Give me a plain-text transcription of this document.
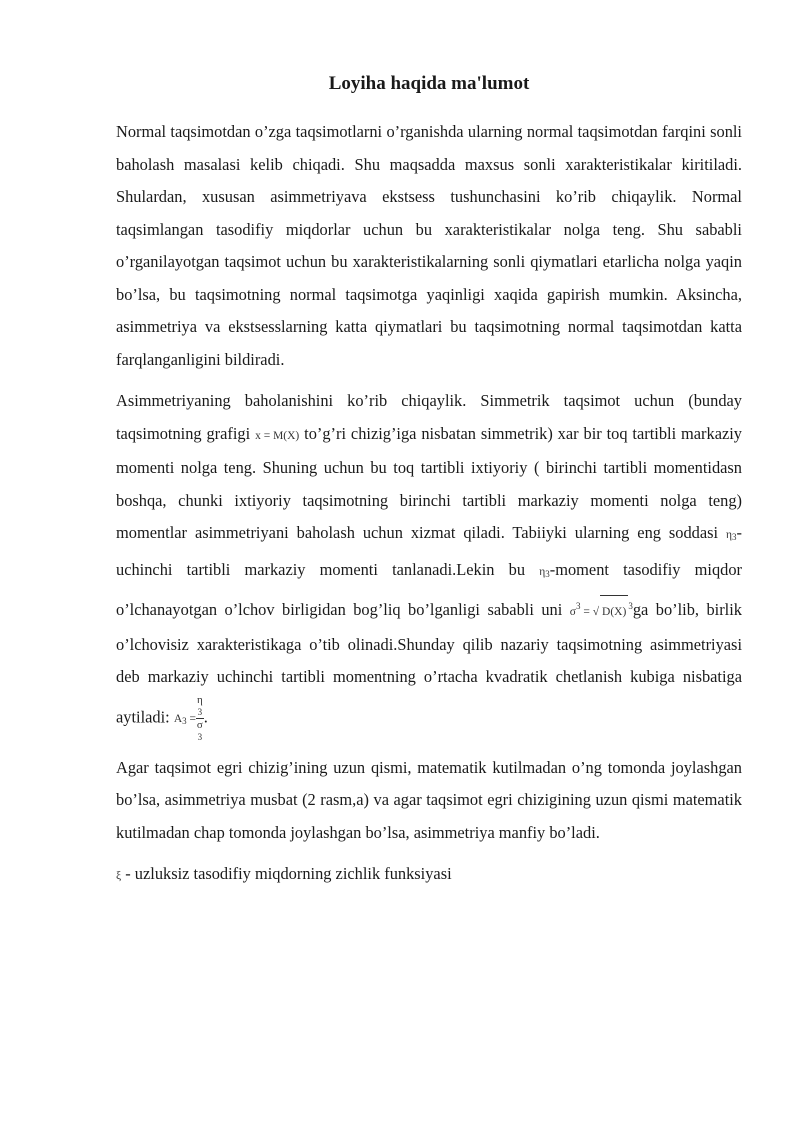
Loyiha haqida ma'lumot

Normal taqsimotdan o’zga taqsimotlarni o’rganishda ularning normal taqsimotdan farqini sonli baholash masalasi kelib chiqadi. Shu maqsadda maxsus sonli xarakteristikalar kiritiladi. Shulardan, xususan asimmetriyava ekstsess tushunchasini ko’rib chiqaylik. Normal taqsimlangan tasodifiy miqdorlar uchun bu xarakteristikalar nolga teng. Shu sababli o’rganilayotgan taqsimot uchun bu xarakteristikalarning sonli qiymatlari etarlicha nolga yaqin bo’lsa, bu taqsimotning normal taqsimotga yaqinligi xaqida gapirish mumkin. Aksincha, asimmetriya va ekstsesslarning katta qiymatlari bu taqsimotning normal taqsimotdan katta farqlanganligini bildiradi.

Asimmetriyaning baholanishini ko’rib chiqaylik. Simmetrik taqsimot uchun (bunday taqsimotning grafigi x = M(X) to’g’ri chizig’iga nisbatan simmetrik) xar bir toq tartibli markaziy momenti nolga teng. Shuning uchun bu toq tartibli ixtiyoriy ( birinchi tartibli momentidasn boshqa, chunki ixtiyoriy taqsimotning birinchi tartibli markaziy momenti nolga teng) momentlar asimmetriyani baholash uchun xizmat qiladi. Tabiiyki ularning eng soddasi $\eta_3$-uchinchi tartibli markaziy momenti tanlanadi.Lekin bu $\eta_3$-moment tasodifiy miqdor o’lchanayotgan o’lchov birligidan bog’liq bo’lganligi sababli uni $\sigma^3$ = √ D(X) $^3$ga bo’lib, birlik o’lchovisiz xarakteristikaga o’tib olinadi.Shunday qilib nazariy taqsimotning asimmetriyasi deb markaziy uchinchi tartibli momentning o’rtacha kvadratik chetlanish kubiga nisbatiga aytiladi: $A_3 = \eta$
3
σ
3 .

Agar taqsimot egri chizig’ining uzun qismi, matematik kutilmadan o’ng tomonda joylashgan bo’lsa, asimmetriya musbat (2 rasm,a) va agar taqsimot egri chizigining uzun qismi matematik kutilmadan chap tomonda joylashgan bo’lsa, asimmetriya manfiy bo’ladi.

ξ - uzluksiz tasodifiy miqdorning zichlik funksiyasi
